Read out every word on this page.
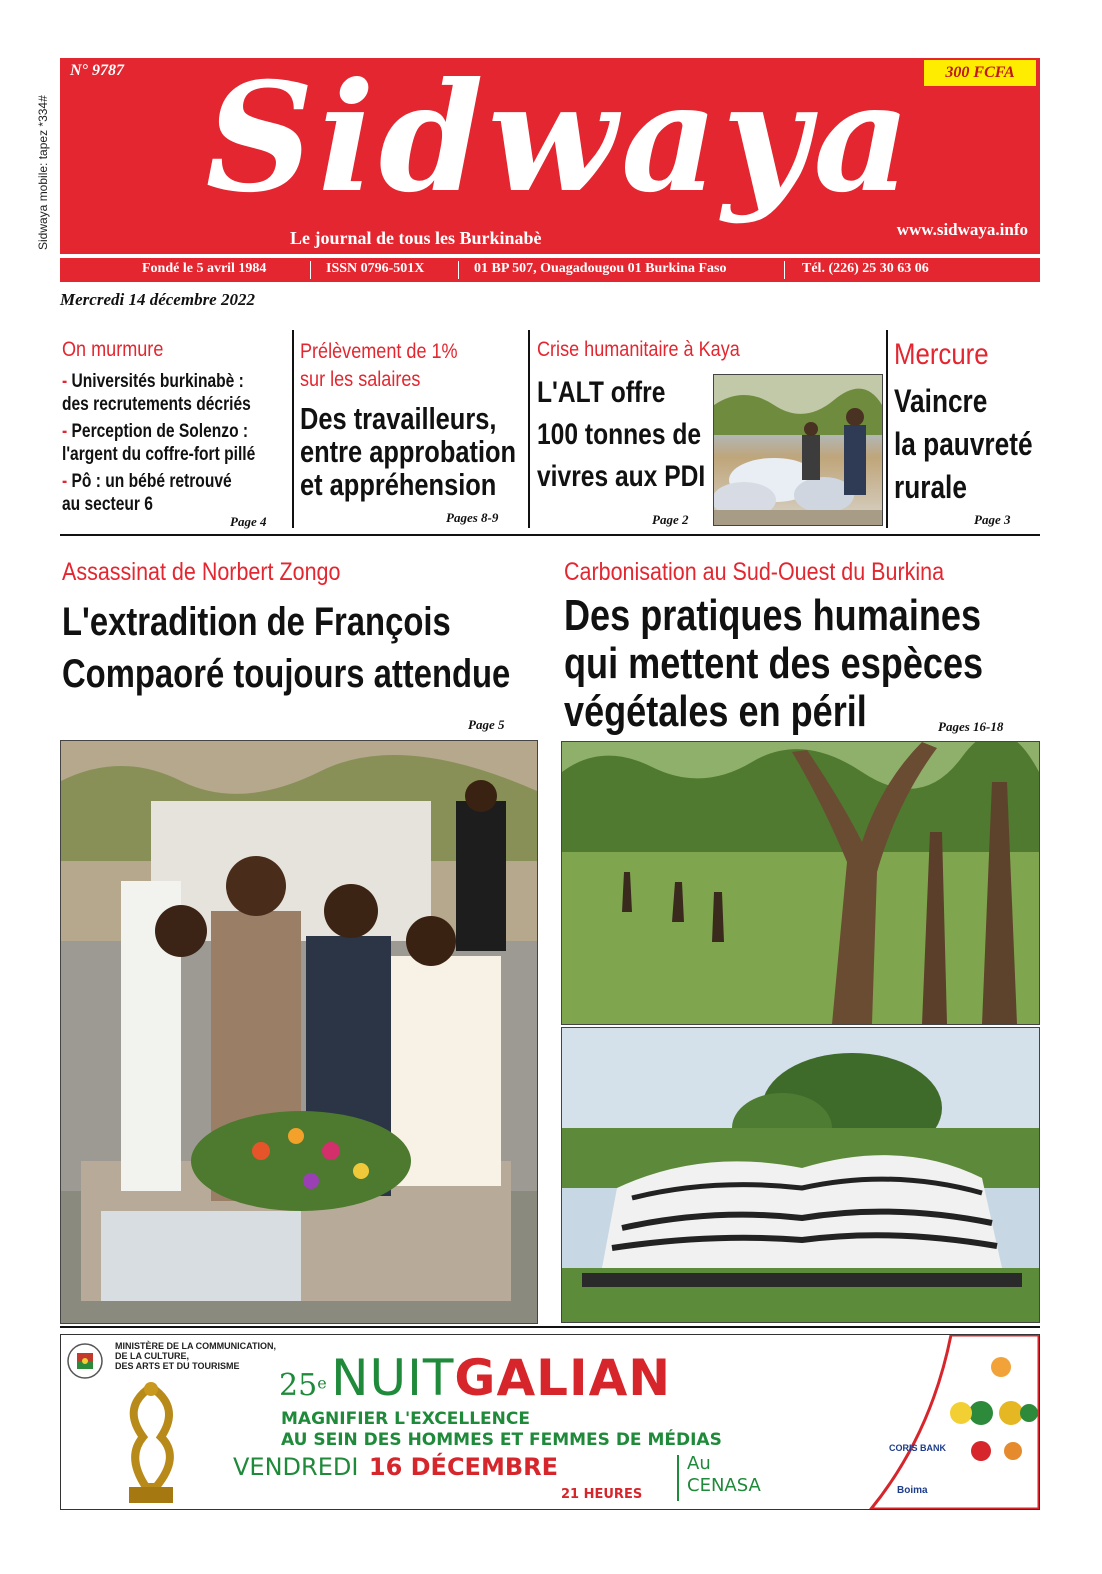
Sidwaya mobile: tapez *334#
N° 9787	300 FCFA
Sidwaya
Le journal de tous les Burkinabè	www.sidwaya.info
Fondé le 5 avril 1984	ISSN 0796-501X	01 BP 507, Ouagadougou 01 Burkina Faso	Tél. (226) 25 30 63 06
Mercredi 14 décembre 2022
On murmure
- Universités burkinabè :
des recrutements décriés
- Perception de Solenzo :
l'argent du coffre-fort pillé
- Pô : un bébé retrouvé
au secteur 6
Page 4
Prélèvement de 1%
sur les salaires
Des travailleurs,
entre approbation
et appréhension
Pages 8-9
Crise humanitaire à Kaya
L'ALT offre
100 tonnes de
vivres aux PDI
Page 2
Mercure
Vaincre
la pauvreté
rurale
Page 3
Assassinat de Norbert Zongo
L'extradition de François
Compaoré toujours attendue
Page 5
Carbonisation au Sud-Ouest du Burkina
Des pratiques humaines
qui mettent des espèces
végétales en péril	Pages 16-18
MINISTÈRE DE LA COMMUNICATION,
DE LA CULTURE,
DES ARTS ET DU TOURISME
25e NUITGALIAN
MAGNIFIER L'EXCELLENCE
AU SEIN DES HOMMES ET FEMMES DE MÉDIAS
VENDREDI 16 DÉCEMBRE
21 HEURES
Au
CENASA
CORIS BANK
Boima
